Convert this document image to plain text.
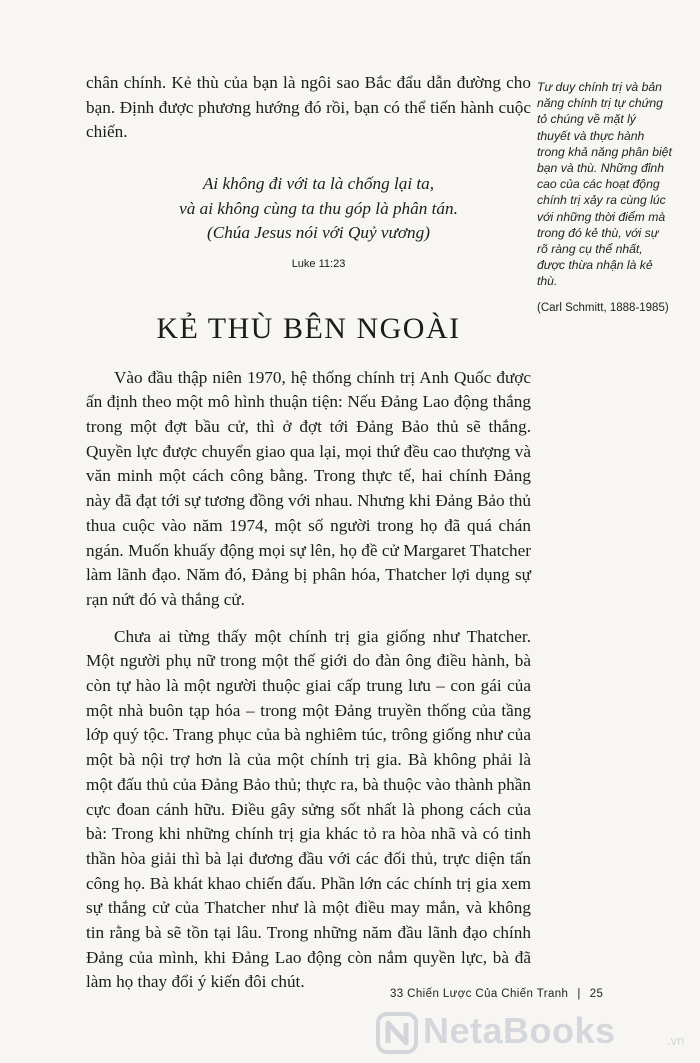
chân chính. Kẻ thù của bạn là ngôi sao Bắc đẩu dẫn đường cho bạn. Định được phương hướng đó rồi, bạn có thể tiến hành cuộc chiến.

Ai không đi với ta là chống lại ta,

và ai không cùng ta thu góp là phân tán.

(Chúa Jesus nói với Quỷ vương)

Luke 11:23

KẺ THÙ BÊN NGOÀI

Vào đầu thập niên 1970, hệ thống chính trị Anh Quốc được ấn định theo một mô hình thuận tiện: Nếu Đảng Lao động thắng trong một đợt bầu cử, thì ở đợt tới Đảng Bảo thủ sẽ thắng. Quyền lực được chuyển giao qua lại, mọi thứ đều cao thượng và văn minh một cách công bằng. Trong thực tế, hai chính Đảng này đã đạt tới sự tương đồng với nhau. Nhưng khi Đảng Bảo thủ thua cuộc vào năm 1974, một số người trong họ đã quá chán ngán. Muốn khuấy động mọi sự lên, họ đề cử Margaret Thatcher làm lãnh đạo. Năm đó, Đảng bị phân hóa, Thatcher lợi dụng sự rạn nứt đó và thắng cử.

Chưa ai từng thấy một chính trị gia giống như Thatcher. Một người phụ nữ trong một thế giới do đàn ông điều hành, bà còn tự hào là một người thuộc giai cấp trung lưu – con gái của một nhà buôn tạp hóa – trong một Đảng truyền thống của tầng lớp quý tộc. Trang phục của bà nghiêm túc, trông giống như của một bà nội trợ hơn là của một chính trị gia. Bà không phải là một đấu thủ của Đảng Bảo thủ; thực ra, bà thuộc vào thành phần cực đoan cánh hữu. Điều gây sửng sốt nhất là phong cách của bà: Trong khi những chính trị gia khác tỏ ra hòa nhã và có tinh thần hòa giải thì bà lại đương đầu với các đối thủ, trực diện tấn công họ. Bà khát khao chiến đấu. Phần lớn các chính trị gia xem sự thắng cử của Thatcher như là một điều may mắn, và không tin rằng bà sẽ tồn tại lâu. Trong những năm đầu lãnh đạo chính Đảng của mình, khi Đảng Lao động còn nắm quyền lực, bà đã làm họ thay đổi ý kiến đôi chút.

Tư duy chính trị và bản năng chính trị tự chứng tỏ chúng về mặt lý thuyết và thực hành trong khả năng phân biệt bạn và thù. Những đỉnh cao của các hoạt động chính trị xảy ra cùng lúc với những thời điểm mà trong đó kẻ thù, với sự rõ ràng cụ thể nhất, được thừa nhận là kẻ thù.

(Carl Schmitt, 1888-1985)

33 Chiến Lược Của Chiến Tranh | 25
NetaBooks	.vn
